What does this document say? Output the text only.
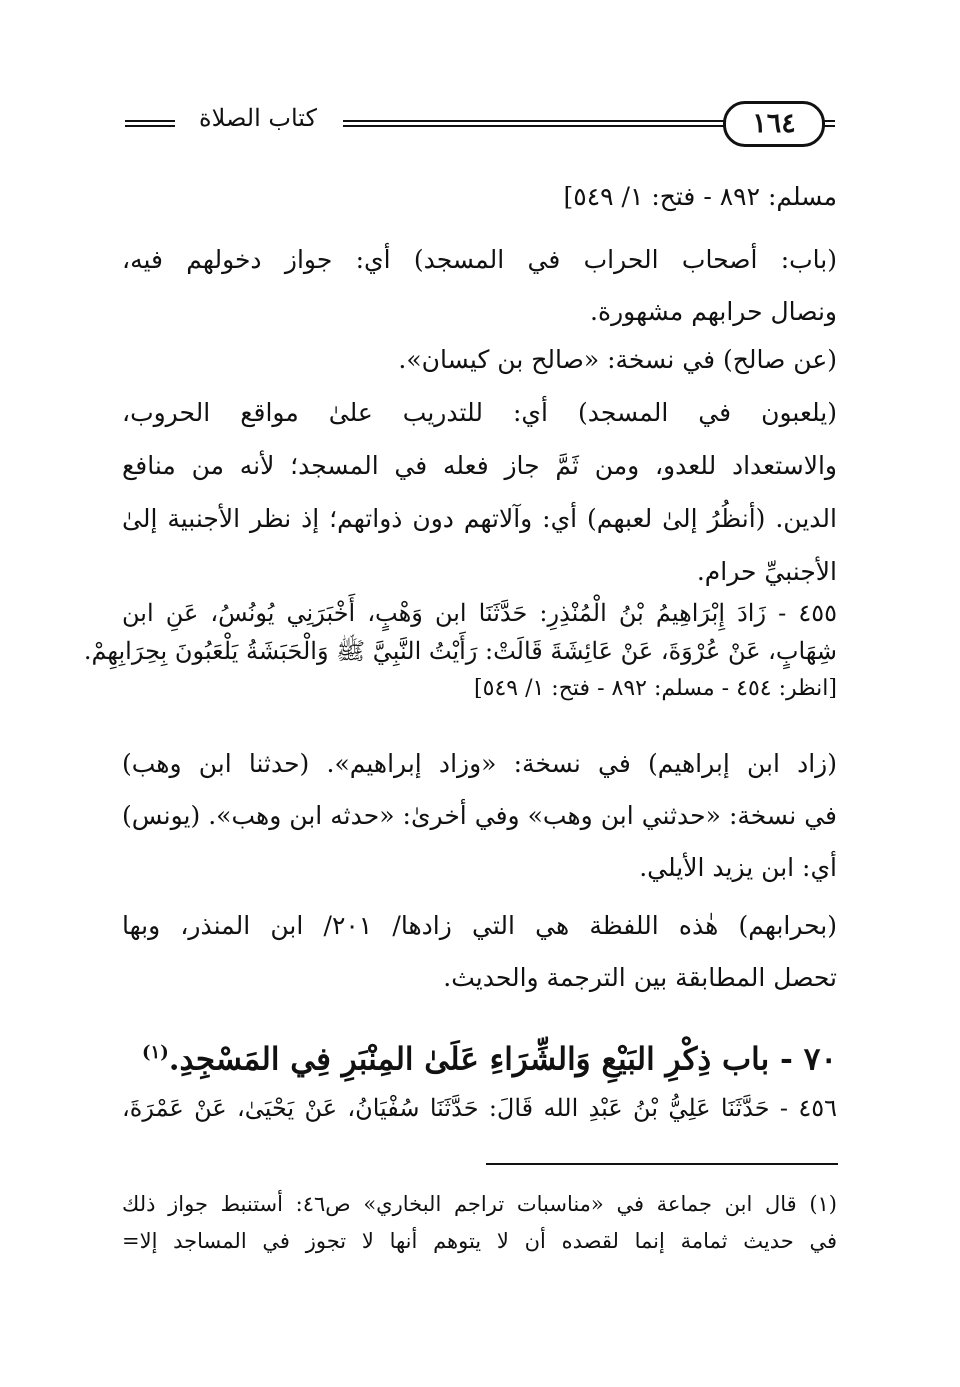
كتاب الصلاة	١٦٤
مسلم: ٨٩٢ - فتح: ١/ ٥٤٩]
(باب: أصحاب الحراب في المسجد) أي: جواز دخولهم فيه،
ونصال حرابهم مشهورة.
(عن صالح) في نسخة: «صالح بن كيسان».
(يلعبون في المسجد) أي: للتدريب علىٰ مواقع الحروب،
والاستعداد للعدو، ومن ثَمَّ جاز فعله في المسجد؛ لأنه من منافع
الدين. (أنظُرُ إلىٰ لعبهم) أي: وآلاتهم دون ذواتهم؛ إذ نظر الأجنبية إلىٰ
الأجنبيِّ حرام.
٤٥٥ - زَادَ إِبْرَاهِيمُ بْنُ الْمُنْذِرِ: حَدَّثَنَا ابن وَهْبٍ، أَخْبَرَنِي يُونُسُ، عَنِ ابن
شِهَابٍ، عَنْ عُرْوَةَ، عَنْ عَائِشَةَ قَالَتْ: رَأَيْتُ النَّبِيَّ ﷺ وَالْحَبَشَةُ يَلْعَبُونَ بِحِرَابِهِمْ.
[انظر: ٤٥٤ - مسلم: ٨٩٢ - فتح: ١/ ٥٤٩]
(زاد ابن إبراهيم) في نسخة: «وزاد إبراهيم». (حدثنا ابن وهب)
في نسخة: «حدثني ابن وهب» وفي أخرىٰ: «حدثه ابن وهب». (يونس)
أي: ابن يزيد الأيلي.
(بحرابهم) هٰذه اللفظة هي التي زادها/ ٢٠١/ ابن المنذر، وبها
تحصل المطابقة بين الترجمة والحديث.
٧٠ - باب ذِكْرِ البَيْعِ وَالشِّرَاءِ عَلَىٰ المِنْبَرِ فِي المَسْجِدِ.$^{(١)}$
٤٥٦ - حَدَّثَنَا عَلِيُّ بْنُ عَبْدِ الله قَالَ: حَدَّثَنَا سُفْيَانُ، عَنْ يَحْيَىٰ، عَنْ عَمْرَةَ،
(١) قال ابن جماعة في «مناسبات تراجم البخاري» ص٤٦: أستنبط جواز ذلك
في حديث ثمامة إنما لقصده أن لا يتوهم أنها لا تجوز في المساجد إلا=
